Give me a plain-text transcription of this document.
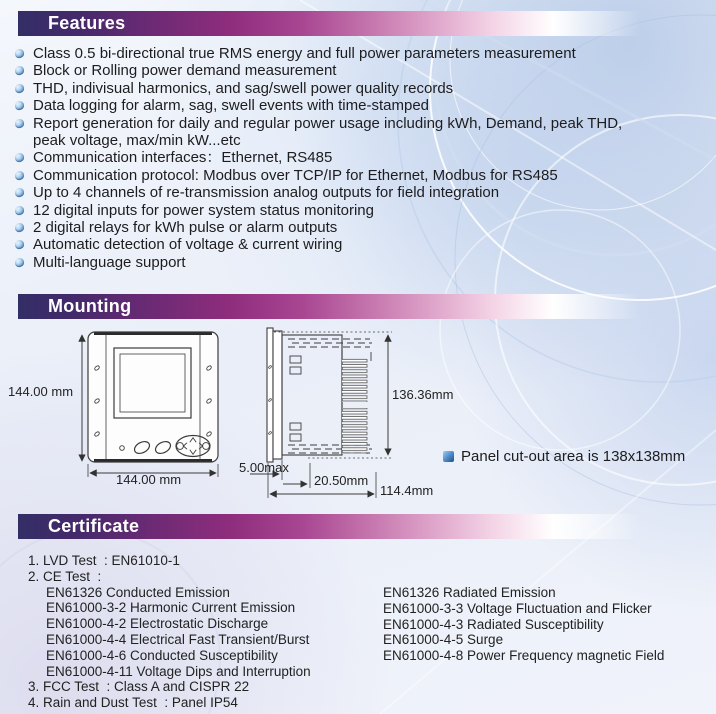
Features
Class 0.5 bi-directional true RMS energy and full power parameters measurement
Block or Rolling power demand measurement
THD, indivisual harmonics, and sag/swell power quality records
Data logging for alarm, sag, swell events with time-stamped
Report generation for daily and regular power usage including kWh, Demand, peak THD, peak voltage, max/min kW...etc
Communication interfaces：Ethernet, RS485
Communication protocol: Modbus over TCP/IP for Ethernet, Modbus for RS485
Up to 4 channels of re-transmission analog outputs for field integration
12 digital inputs for power system status monitoring
2 digital relays for kWh pulse or alarm outputs
Automatic detection of voltage & current wiring
Multi-language support
Mounting
144.00 mm
144.00 mm
136.36mm
5.00max
20.50mm
114.4mm
Panel cut-out area is 138x138mm
Certificate
1. LVD Test  : EN61010-1
2. CE Test  :
EN61326 Conducted Emission
EN61000-3-2 Harmonic Current Emission
EN61000-4-2 Electrostatic Discharge
EN61000-4-4 Electrical Fast Transient/Burst
EN61000-4-6 Conducted Susceptibility
EN61000-4-11 Voltage Dips and Interruption
3. FCC Test  : Class A and CISPR 22
4. Rain and Dust Test  : Panel IP54
EN61326 Radiated Emission
EN61000-3-3 Voltage Fluctuation and Flicker
EN61000-4-3 Radiated Susceptibility
EN61000-4-5 Surge
EN61000-4-8 Power Frequency magnetic Field
